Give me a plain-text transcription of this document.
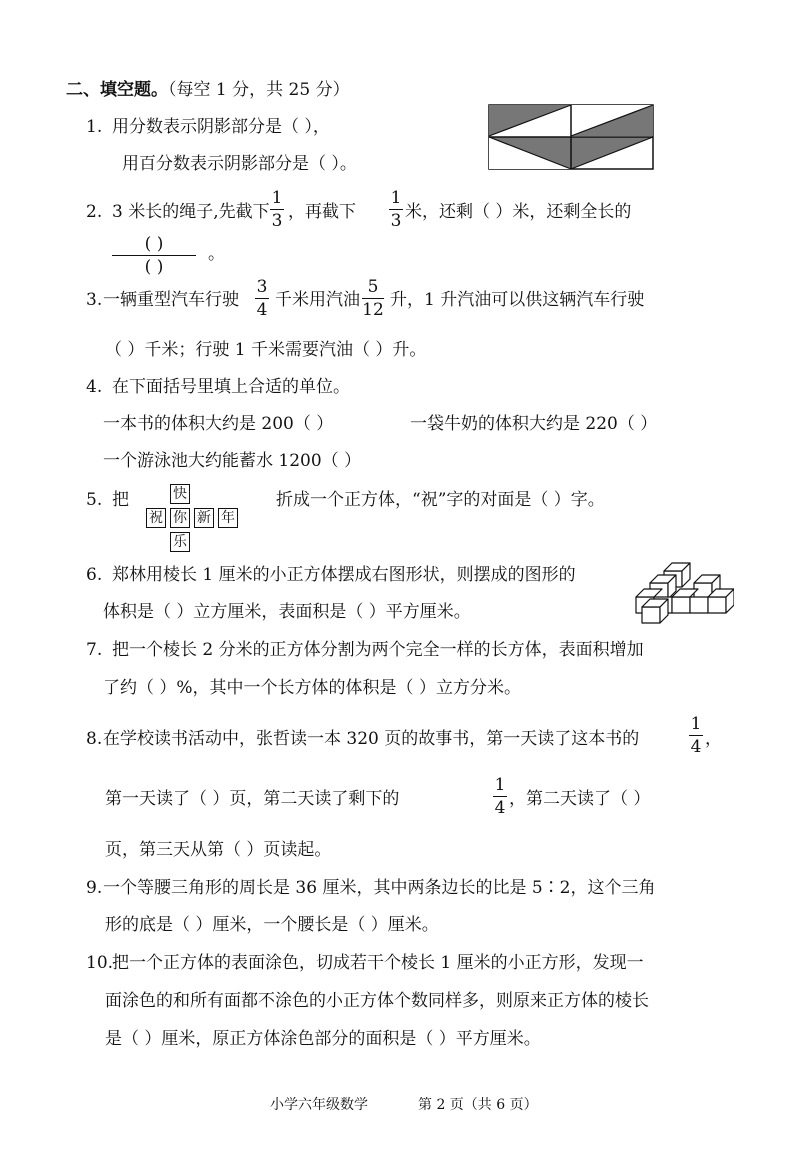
二、填空题。（每空 1 分，共 25 分）
1. 用分数表示阴影部分是（ ），
用百分数表示阴影部分是（ ）。
2. 3 米长的绳子,先截下
1
3 ，再截下
1
3 米，还剩（ ）米，还剩全长的
( )
( )
。
3. 一辆重型汽车行驶
3
4 千米用汽油
5
12 升，1 升汽油可以供这辆汽车行驶
（ ）千米；行驶 1 千米需要汽油（ ）升。
4. 在下面括号里填上合适的单位。
一本书的体积大约是 200（ ）	一袋牛奶的体积大约是 220（ ）
一个游泳池大约能蓄水 1200（ ）
5. 把	快
祝 你 新 年
乐
折成一个正方体，“祝”字的对面是（ ）字。
6. 郑林用棱长 1 厘米的小正方体摆成右图形状，则摆成的图形的
体积是（ ）立方厘米，表面积是（ ）平方厘米。
7. 把一个棱长 2 分米的正方体分割为两个完全一样的长方体，表面积增加
了约（ ）%，其中一个长方体的体积是（ ）立方分米。
8. 在学校读书活动中，张哲读一本 320 页的故事书，第一天读了这本书的
1
4 ，
第一天读了（ ）页，第二天读了剩下的
1
4 ，第二天读了（ ）
页，第三天从第（ ）页读起。
9. 一个等腰三角形的周长是 36 厘米，其中两条边长的比是 5∶2，这个三角
形的底是（ ）厘米，一个腰长是（ ）厘米。
10.
把一个正方体的表面涂色，切成若干个棱长 1 厘米的小正方形，发现一
面涂色的和所有面都不涂色的小正方体个数同样多，则原来正方体的棱长
是（ ）厘米，原正方体涂色部分的面积是（ ）平方厘米。
小学六年级数学	第 2 页（共 6 页）
